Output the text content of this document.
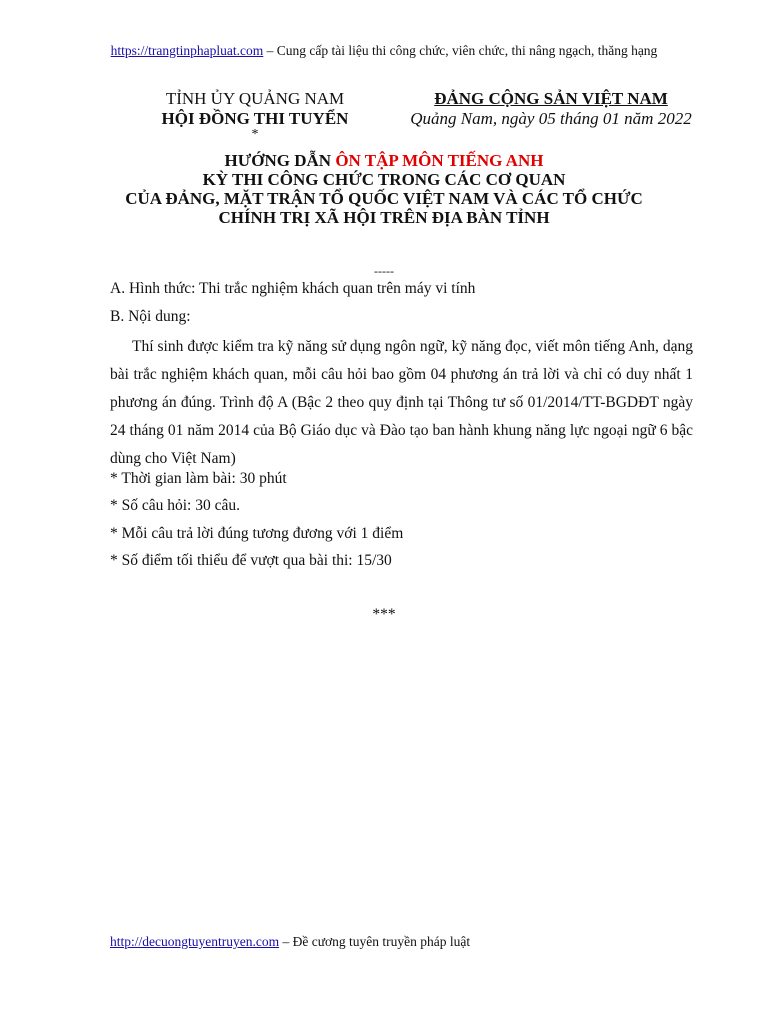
https://trangtinphapluat.com – Cung cấp tài liệu thi công chức, viên chức, thi nâng ngạch, thăng hạng
TỈNH ỦY QUẢNG NAM
HỘI ĐỒNG THI TUYỂN
*
ĐẢNG CỘNG SẢN VIỆT NAM
Quảng Nam, ngày 05 tháng 01 năm 2022
HƯỚNG DẪN ÔN TẬP MÔN TIẾNG ANH
KỲ THI CÔNG CHỨC TRONG CÁC CƠ QUAN
CỦA ĐẢNG, MẶT TRẬN TỔ QUỐC VIỆT NAM VÀ CÁC TỔ CHỨC
CHÍNH TRỊ XÃ HỘI TRÊN ĐỊA BÀN TỈNH
-----
A. Hình thức: Thi trắc nghiệm khách quan trên máy vi tính
B. Nội dung:
Thí sinh được kiểm tra kỹ năng sử dụng ngôn ngữ, kỹ năng đọc, viết môn tiếng Anh, dạng bài trắc nghiệm khách quan, mỗi câu hỏi bao gồm 04 phương án trả lời và chỉ có duy nhất 1 phương án đúng. Trình độ A (Bậc 2 theo quy định tại Thông tư số 01/2014/TT-BGDĐT ngày 24 tháng 01 năm 2014 của Bộ Giáo dục và Đào tạo ban hành khung năng lực ngoại ngữ 6 bậc dùng cho Việt Nam)
* Thời gian làm bài: 30 phút
* Số câu hỏi: 30 câu.
* Mỗi câu trả lời đúng tương đương với 1 điểm
* Số điểm tối thiểu để vượt qua bài thi: 15/30
***
http://decuongtuyentruyen.com – Đề cương tuyên truyền pháp luật
